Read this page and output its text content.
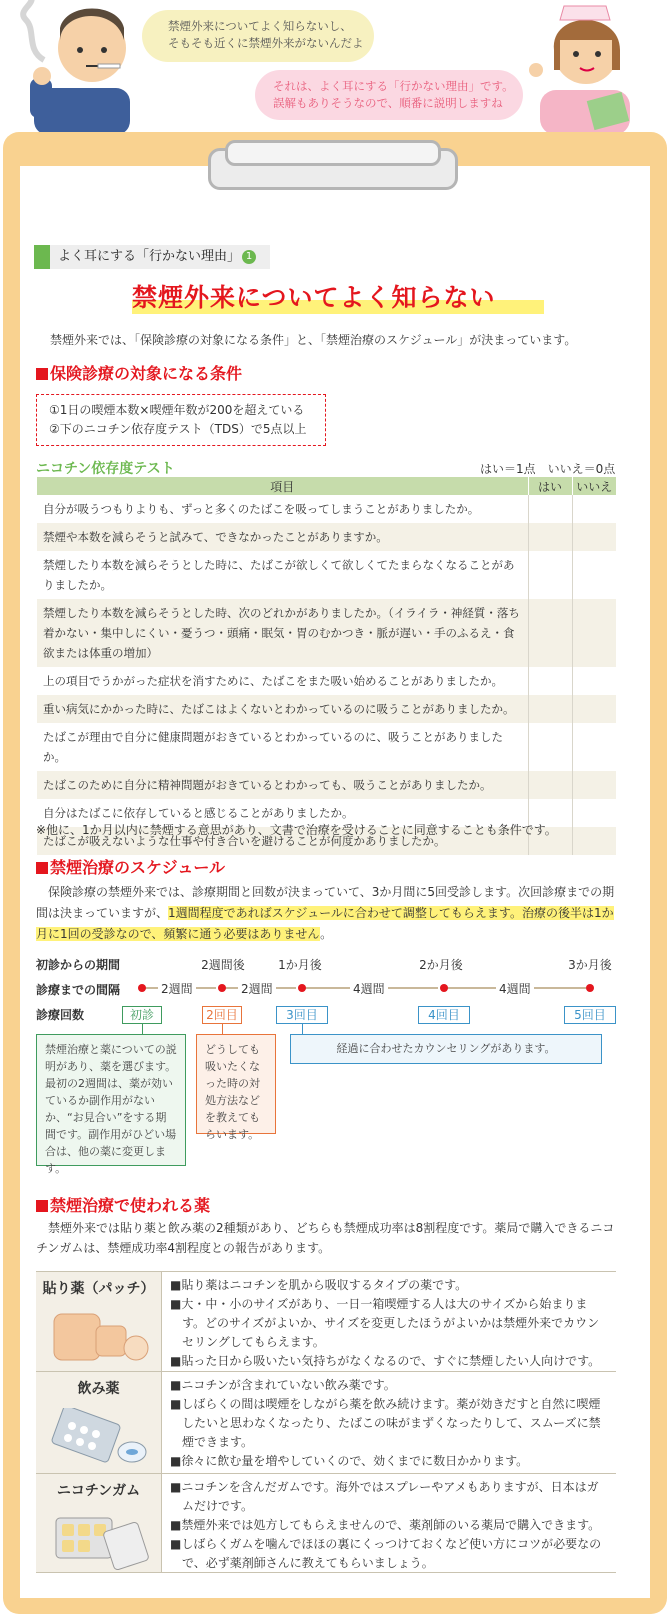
禁煙外来についてよく知らないし、
そもそも近くに禁煙外来がないんだよ
それは、よく耳にする「行かない理由」です。
誤解もありそうなので、順番に説明しますね
よく耳にする「行かない理由」 1
禁煙外来についてよく知らない
禁煙外来では、「保険診療の対象になる条件」と、「禁煙治療のスケジュール」が決まっています。
保険診療の対象になる条件
①1日の喫煙本数×喫煙年数が200を超えている
②下のニコチン依存度テスト（TDS）で5点以上
ニコチン依存度テスト	はい＝1点　いいえ＝0点
項目	はい	いいえ
自分が吸うつもりよりも、ずっと多くのたばこを吸ってしまうことがありましたか。		
禁煙や本数を減らそうと試みて、できなかったことがありますか。		
禁煙したり本数を減らそうとした時に、たばこが欲しくて欲しくてたまらなくなることがありましたか。		
禁煙したり本数を減らそうとした時、次のどれかがありましたか。（イライラ・神経質・落ち着かない・集中しにくい・憂うつ・頭痛・眠気・胃のむかつき・脈が遅い・手のふるえ・食欲または体重の増加）		
上の項目でうかがった症状を消すために、たばこをまた吸い始めることがありましたか。		
重い病気にかかった時に、たばこはよくないとわかっているのに吸うことがありましたか。		
たばこが理由で自分に健康問題がおきているとわかっているのに、吸うことがありましたか。		
たばこのために自分に精神問題がおきているとわかっても、吸うことがありましたか。		
自分はたばこに依存していると感じることがありましたか。		
たばこが吸えないような仕事や付き合いを避けることが何度かありましたか。		
※他に、1か月以内に禁煙する意思があり、文書で治療を受けることに同意することも条件です。
禁煙治療のスケジュール
保険診療の禁煙外来では、診療期間と回数が決まっていて、3か月間に5回受診します。次回診療までの期間は決まっていますが、1週間程度であればスケジュールに合わせて調整してもらえます。治療の後半は1か月に1回の受診なので、頻繁に通う必要はありません。
初診からの期間
診療までの間隔
診療回数
2週間後	1か月後	2か月後	3か月後
2週間	2週間	4週間	4週間
初診	2回目	3回目	4回目	5回目
禁煙治療と薬についての説明があり、薬を選びます。最初の2週間は、薬が効いているか副作用がないか、“お見合い”をする期間です。副作用がひどい場合は、他の薬に変更します。
どうしても吸いたくなった時の対処方法などを教えてもらいます。
経過に合わせたカウンセリングがあります。
禁煙治療で使われる薬
禁煙外来では貼り薬と飲み薬の2種類があり、どちらも禁煙成功率は8割程度です。薬局で購入できるニコチンガムは、禁煙成功率4割程度との報告があります。
貼り薬（パッチ）	■貼り薬はニコチンを肌から吸収するタイプの薬です。

■大・中・小のサイズがあり、一日一箱喫煙する人は大のサイズから始まります。どのサイズがよいか、サイズを変更したほうがよいかは禁煙外来でカウンセリングしてもらえます。

■貼った日から吸いたい気持ちがなくなるので、すぐに禁煙したい人向けです。

飲み薬	■ニコチンが含まれていない飲み薬です。

■しばらくの間は喫煙をしながら薬を飲み続けます。薬が効きだすと自然に喫煙したいと思わなくなったり、たばこの味がまずくなったりして、スムーズに禁煙できます。

■徐々に飲む量を増やしていくので、効くまでに数日かかります。

ニコチンガム	■ニコチンを含んだガムです。海外ではスプレーやアメもありますが、日本はガムだけです。

■禁煙外来では処方してもらえませんので、薬剤師のいる薬局で購入できます。

■しばらくガムを噛んでほほの裏にくっつけておくなど使い方にコツが必要なので、必ず薬剤師さんに教えてもらいましょう。
